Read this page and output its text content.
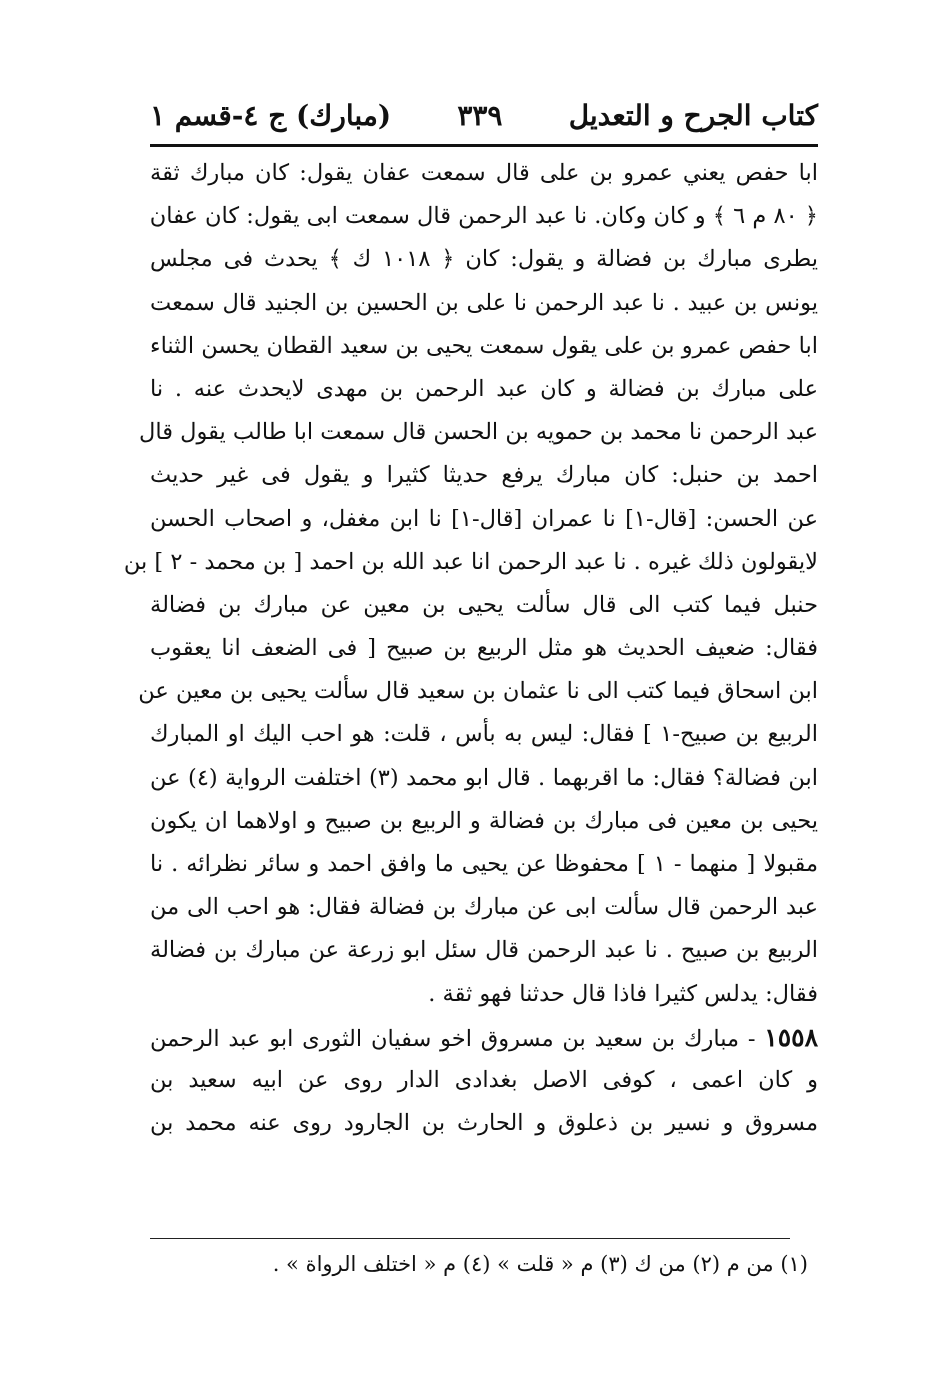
كتاب الجرح و التعديل
٣٣٩
(مبارك) ج ٤-قسم ١
ابا حفص يعني عمرو بن على قال سمعت عفان يقول: كان مبارك ثقة
﴿ ٨٠ م ٦ ﴾ و كان وكان. نا عبد الرحمن قال سمعت ابى يقول: كان عفان
يطرى مبارك بن فضالة و يقول: كان ﴿ ١٠١٨ ك ﴾ يحدث فى مجلس
يونس بن عبيد . نا عبد الرحمن نا على بن الحسين بن الجنيد قال سمعت
ابا حفص عمرو بن على يقول سمعت يحيى بن سعيد القطان يحسن الثناء
على مبارك بن فضالة و كان عبد الرحمن بن مهدى لايحدث عنه . نا
عبد الرحمن نا محمد بن حمويه بن الحسن قال سمعت ابا طالب يقول قال
احمد بن حنبل: كان مبارك يرفع حديثا كثيرا و يقول فى غير حديث
عن الحسن: [قال-١] نا عمران [قال-١] نا ابن مغفل، و اصحاب الحسن
لايقولون ذلك غيره . نا عبد الرحمن انا عبد الله بن احمد [ بن محمد - ٢ ] بن
حنبل فيما كتب الى قال سألت يحيى بن معين عن مبارك بن فضالة
فقال: ضعيف الحديث هو مثل الربيع بن صبيح [ فى الضعف انا يعقوب
ابن اسحاق فيما كتب الى نا عثمان بن سعيد قال سألت يحيى بن معين عن
الربيع بن صبيح-١ ] فقال: ليس به بأس ، قلت: هو احب اليك او المبارك
ابن فضالة؟ فقال: ما اقربهما . قال ابو محمد (٣) اختلفت الرواية (٤) عن
يحيى بن معين فى مبارك بن فضالة و الربيع بن صبيح و اولاهما ان يكون
مقبولا [ منهما - ١ ] محفوظا عن يحيى ما وافق احمد و سائر نظرائه . نا
عبد الرحمن قال سألت ابى عن مبارك بن فضالة فقال: هو احب الى من
الربيع بن صبيح . نا عبد الرحمن قال سئل ابو زرعة عن مبارك بن فضالة
فقال: يدلس كثيرا فاذا قال حدثنا فهو ثقة .
١٥٥٨ - مبارك بن سعيد بن مسروق اخو سفيان الثورى ابو عبد الرحمن
و كان اعمى ، كوفى الاصل بغدادى الدار روى عن ابيه سعيد بن
مسروق و نسير بن ذعلوق و الحارث بن الجارود روى عنه محمد بن
(١) من م (٢) من ك (٣) م « قلت » (٤) م « اختلف الرواة » .
